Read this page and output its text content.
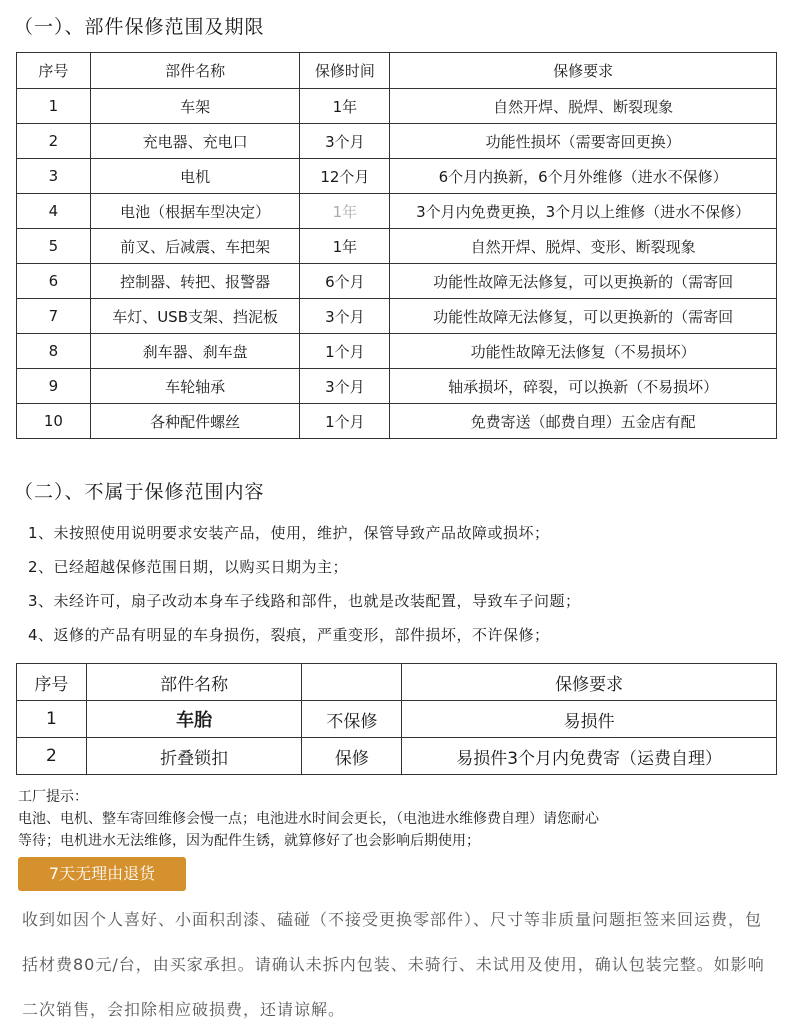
（一）、部件保修范围及期限
序号	部件名称	保修时间	保修要求
1	车架	1年	自然开焊、脱焊、断裂现象
2	充电器、充电口	3个月	功能性损坏（需要寄回更换）
3	电机	12个月	6个月内换新，6个月外维修（进水不保修）
4	电池（根据车型决定）	1年	3个月内免费更换，3个月以上维修（进水不保修）
5	前叉、后减震、车把架	1年	自然开焊、脱焊、变形、断裂现象
6	控制器、转把、报警器	6个月	功能性故障无法修复，可以更换新的（需寄回
7	车灯、USB支架、挡泥板	3个月	功能性故障无法修复，可以更换新的（需寄回
8	刹车器、刹车盘	1个月	功能性故障无法修复（不易损坏）
9	车轮轴承	3个月	轴承损坏，碎裂，可以换新（不易损坏）
10	各种配件螺丝	1个月	免费寄送（邮费自理）五金店有配
（二）、不属于保修范围内容
1、未按照使用说明要求安装产品，使用，维护，保管导致产品故障或损坏；
2、已经超越保修范围日期，以购买日期为主；
3、未经许可，扇子改动本身车子线路和部件，也就是改装配置，导致车子问题；
4、返修的产品有明显的车身损伤，裂痕，严重变形，部件损坏，不许保修；
序号	部件名称		保修要求
1	车胎	不保修	易损件
2	折叠锁扣	保修	易损件3个月内免费寄（运费自理）
工厂提示：
电池、电机、整车寄回维修会慢一点；电池进水时间会更长，（电池进水维修费自理）请您耐心
等待；电机进水无法维修，因为配件生锈，就算修好了也会影响后期使用；
7天无理由退货
收到如因个人喜好、小面积刮漆、磕碰（不接受更换零部件）、尺寸等非质量问题拒签来回运费，包括材费80元/台，由买家承担。请确认未拆内包装、未骑行、未试用及使用，确认包装完整。如影响二次销售，会扣除相应破损费，还请谅解。
